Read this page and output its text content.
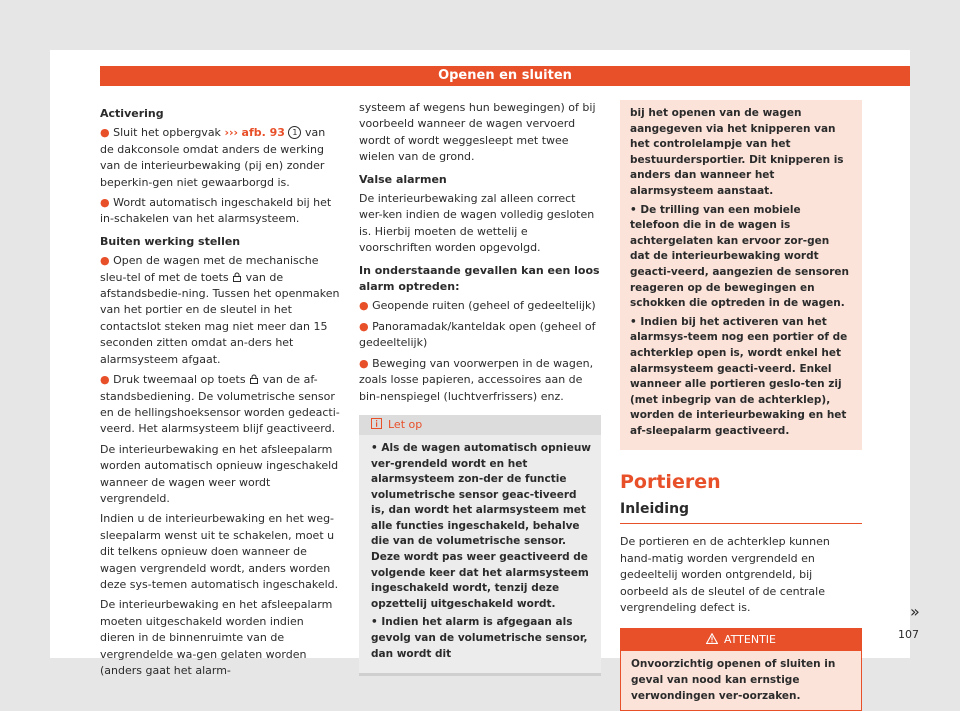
Openen en sluiten
Activering
● Sluit het opbergvak ››› afb. 93 1 van de dakconsole omdat anders de werking van de interieurbewaking (pij en) zonder beperkin-gen niet gewaarborgd is.
● Wordt automatisch ingeschakeld bij het in-schakelen van het alarmsysteem.
Buiten werking stellen
● Open de wagen met de mechanische sleu-tel of met de toets van de afstandsbedie-ning. Tussen het openmaken van het portier en de sleutel in het contactslot steken mag niet meer dan 15 seconden zitten omdat an-ders het alarmsysteem afgaat.
● Druk tweemaal op toets van de af-standsbediening. De volumetrische sensor en de hellingshoeksensor worden gedeacti-veerd. Het alarmsysteem blijf geactiveerd.

De interieurbewaking en het afsleepalarm worden automatisch opnieuw ingeschakeld wanneer de wagen weer wordt vergrendeld.

Indien u de interieurbewaking en het weg-sleepalarm wenst uit te schakelen, moet u dit telkens opnieuw doen wanneer de wagen vergrendeld wordt, anders worden deze sys-temen automatisch ingeschakeld.

De interieurbewaking en het afsleepalarm moeten uitgeschakeld worden indien dieren in de binnenruimte van de vergrendelde wa-gen gelaten worden (anders gaat het alarm-

systeem af wegens hun bewegingen) of bij voorbeeld wanneer de wagen vervoerd wordt of wordt weggesleept met twee wielen van de grond.

Valse alarmen

De interieurbewaking zal alleen correct wer-ken indien de wagen volledig gesloten is. Hierbij moeten de wettelij e voorschriften worden opgevolgd.

In onderstaande gevallen kan een loos alarm optreden:
● Geopende ruiten (geheel of gedeeltelijk)
● Panoramadak/kanteldak open (geheel of gedeeltelijk)
● Beweging van voorwerpen in de wagen, zoals losse papieren, accessoires aan de bin-nenspiegel (luchtverfrissers) enz.
Let op
• Als de wagen automatisch opnieuw ver-grendeld wordt en het alarmsysteem zon-der de functie volumetrische sensor geac-tiveerd is, dan wordt het alarmsysteem met alle functies ingeschakeld, behalve die van de volumetrische sensor. Deze wordt pas weer geactiveerd de volgende keer dat het alarmsysteem ingeschakeld wordt, tenzij deze opzettelij uitgeschakeld wordt.
• Indien het alarm is afgegaan als gevolg van de volumetrische sensor, dan wordt dit

bij het openen van de wagen aangegeven via het knipperen van het controlelampje van het bestuurdersportier. Dit knipperen is anders dan wanneer het alarmsysteem aanstaat.

• De trilling van een mobiele telefoon die in de wagen is achtergelaten kan ervoor zor-gen dat de interieurbewaking wordt geacti-veerd, aangezien de sensoren reageren op de bewegingen en schokken die optreden in de wagen.
• Indien bij het activeren van het alarmsys-teem nog een portier of de achterklep open is, wordt enkel het alarmsysteem geacti-veerd. Enkel wanneer alle portieren geslo-ten zij (met inbegrip van de achterklep), worden de interieurbewaking en het af-sleepalarm geactiveerd.
Portieren
Inleiding

De portieren en de achterklep kunnen hand-matig worden vergrendeld en gedeeltelij worden ontgrendeld, bij oorbeeld als de sleutel of de centrale vergrendeling defect is.

ATTENTIE
Onvoorzichtig openen of sluiten in geval van nood kan ernstige verwondingen ver-oorzaken.
»
107
